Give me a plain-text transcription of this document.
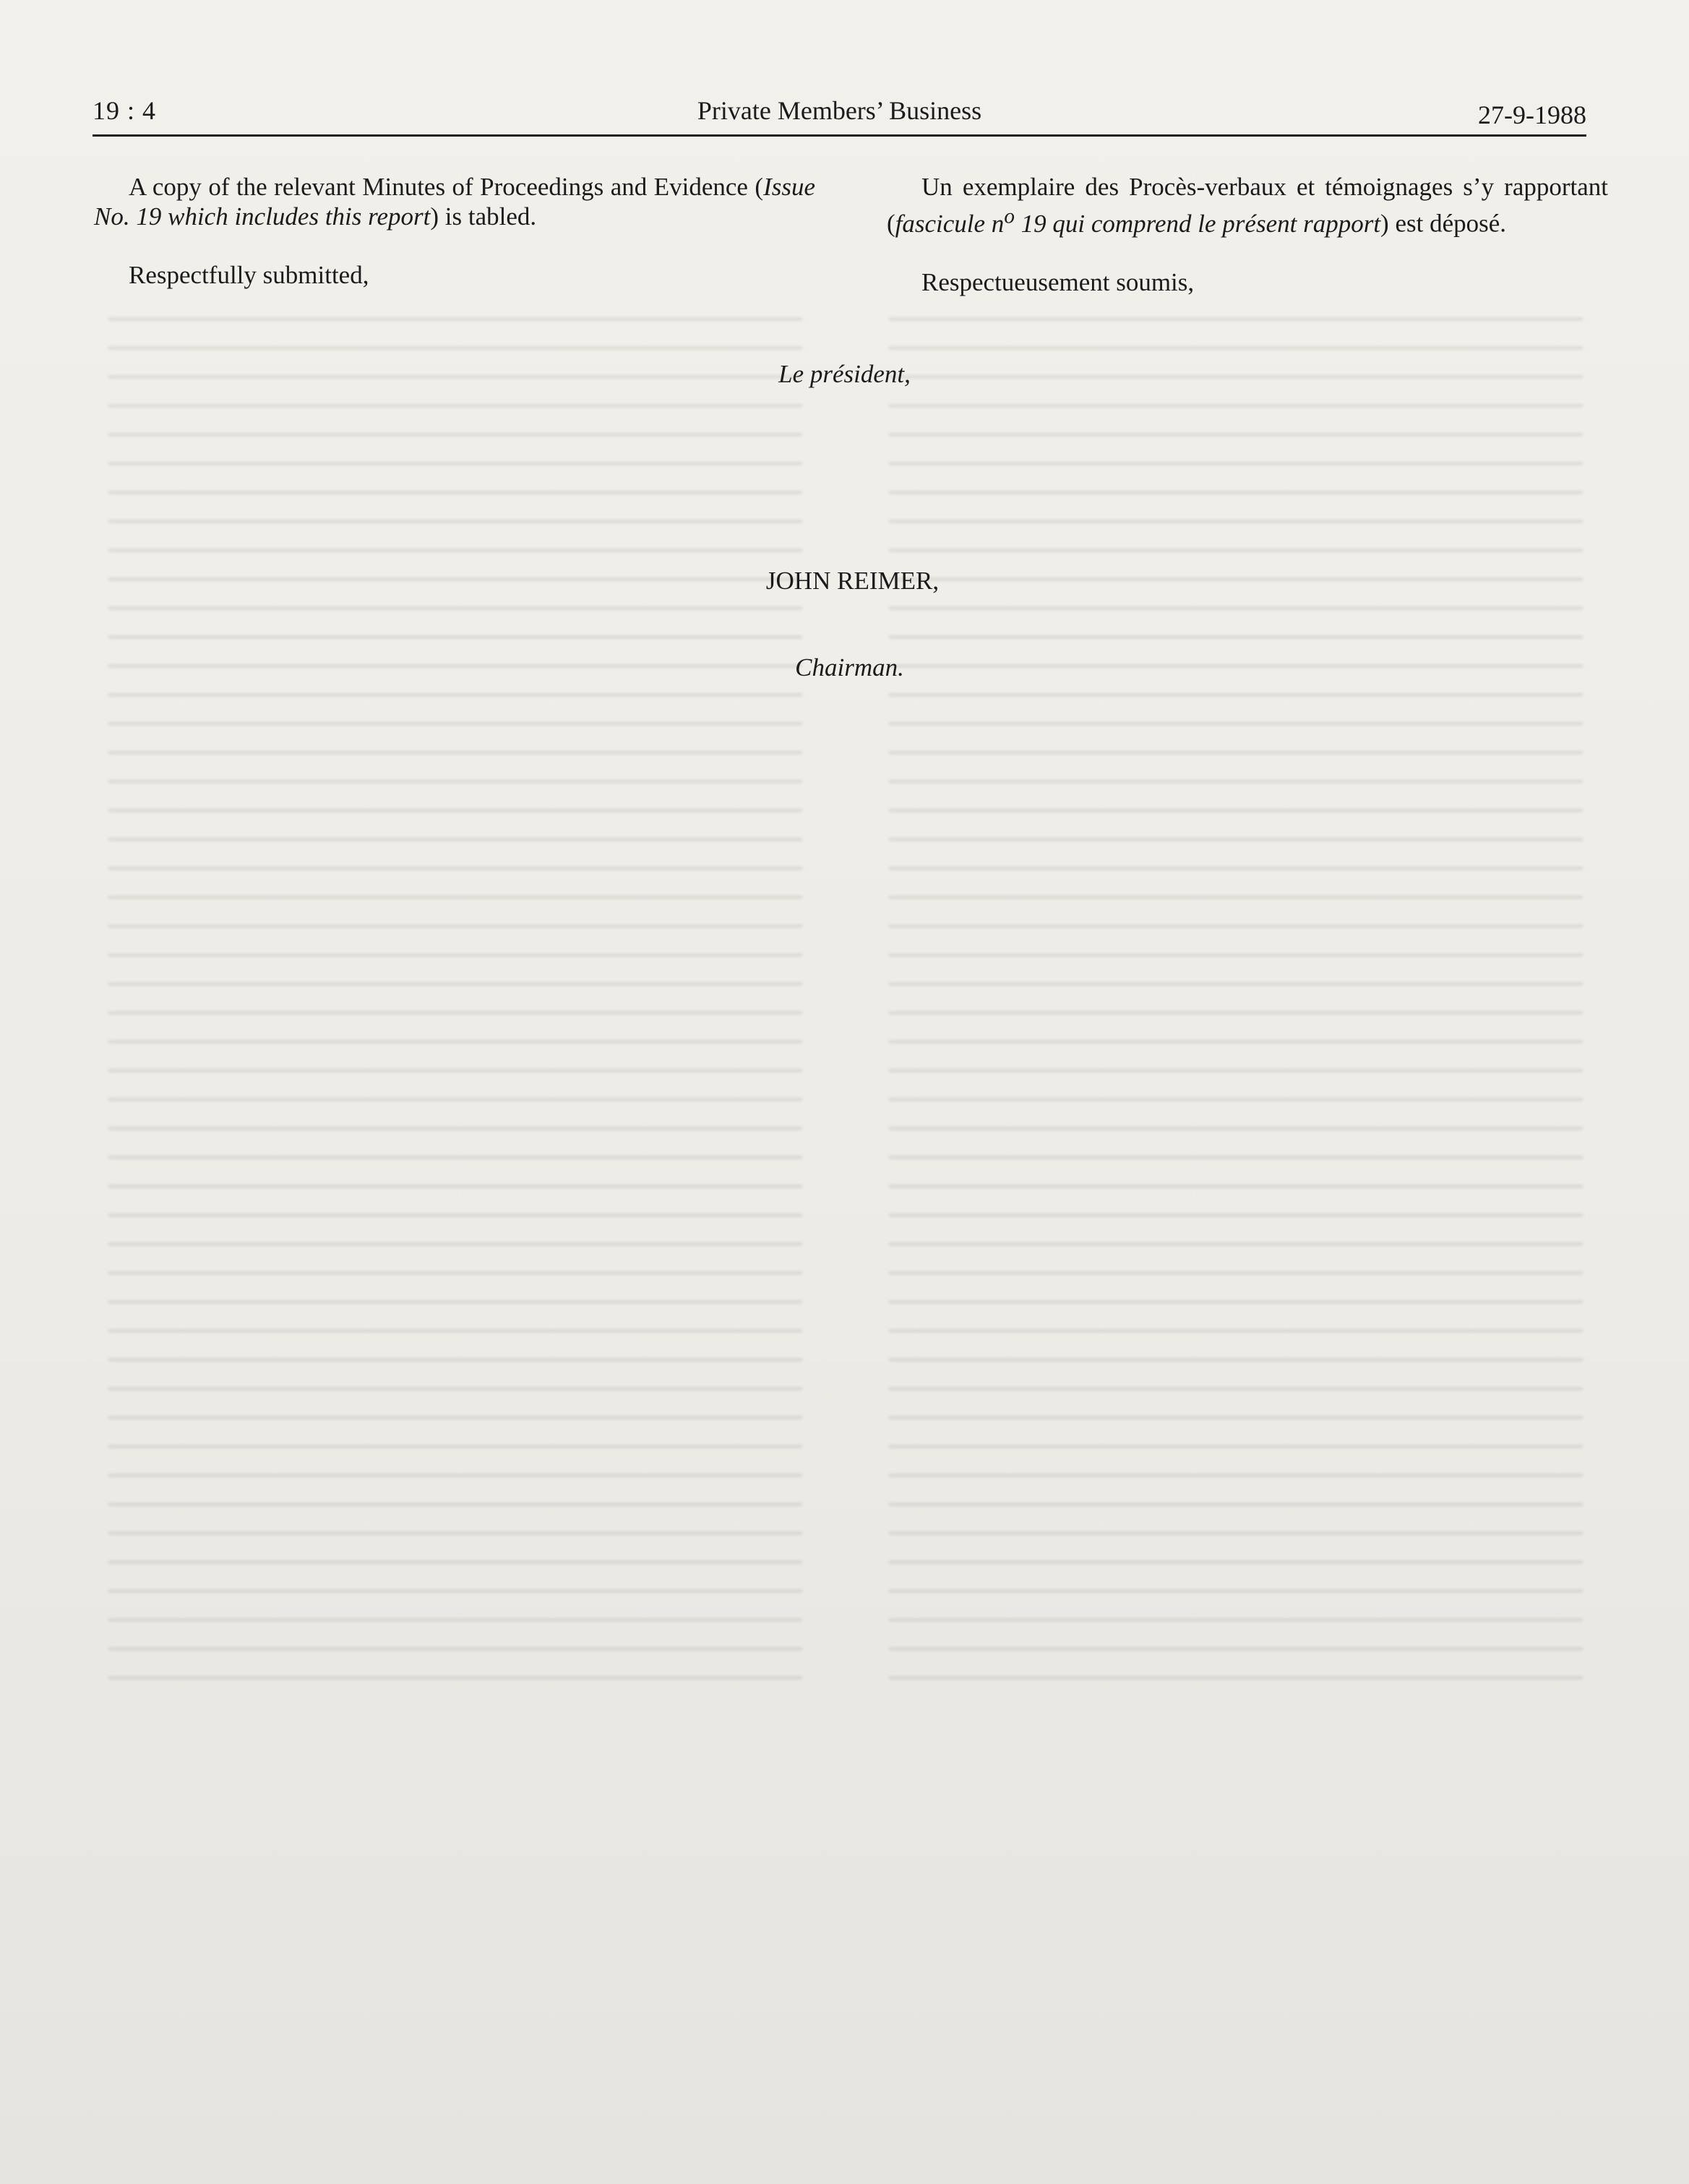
19 : 4	Private Members’ Business	27-9-1988

A copy of the relevant Minutes of Proceedings and Evidence (Issue No. 19 which includes this report) is tabled.

Respectfully submitted,

Un exemplaire des Procès-verbaux et témoignages s’y rapportant (fascicule $n^o$ 19 qui comprend le présent rapport) est déposé.

Respectueusement soumis,

Le président,
JOHN REIMER,
Chairman.
